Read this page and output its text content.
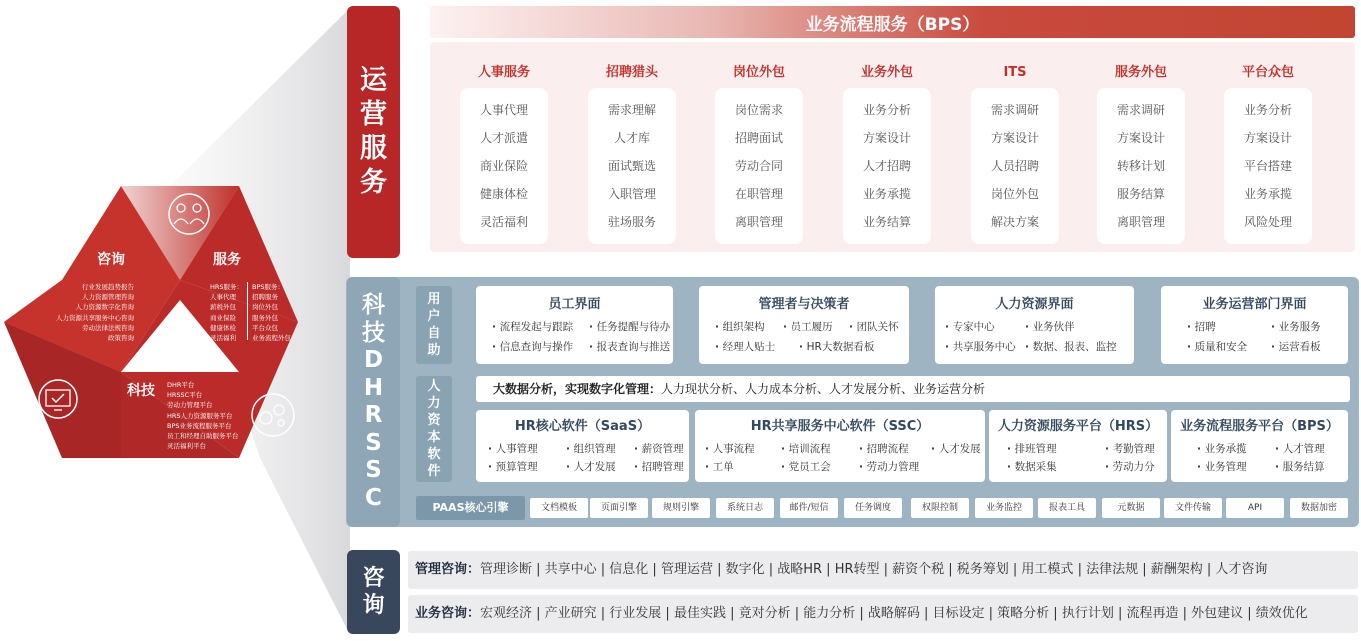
咨询
行业发展趋势报告
人力资源管理咨询
人力资源数字化咨询
人力资源共享服务中心咨询
劳动法律法规咨询
政策咨询
服务
HRS服务：
人事代理
薪税外包
商业保险
健康体检
灵活福利
BPS服务：
招聘服务
岗位外包
服务外包
平台众包
业务流程外包
科技	DHR平台
HRSSC平台
劳动力管理平台
HRS人力资源服务平台
BPS业务流程服务平台
员工和经理自助服务平台
灵活福利平台
运
营
服
务
业务流程服务（BPS）
人事服务
人事代理
人才派遣
商业保险
健康体检
灵活福利
招聘猎头
需求理解
人才库
面试甄选
入职管理
驻场服务
岗位外包
岗位需求
招聘面试
劳动合同
在职管理
离职管理
业务外包
业务分析
方案设计
人才招聘
业务承揽
业务结算
ITS
需求调研
方案设计
人员招聘
岗位外包
解决方案
服务外包
需求调研
方案设计
转移计划
服务结算
离职管理
平台众包
业务分析
方案设计
平台搭建
业务承揽
风险处理
科
技
D
H
R
S
S
C
用
户
自
助
人
力
资
本
软
件
员工界面
· 流程发起与跟踪	· 任务提醒与待办
· 信息查询与操作	· 报表查询与推送
管理者与决策者
· 组织架构	· 员工履历	· 团队关怀
· 经理人贴士	· HR大数据看板
人力资源界面
· 专家中心	· 业务伙伴
· 共享服务中心	· 数据、报表、监控
业务运营部门界面
· 招聘	· 业务服务
· 质量和安全	· 运营看板
大数据分析，实现数字化管理：人力现状分析、人力成本分析、人才发展分析、业务运营分析
HR核心软件（SaaS）
· 人事管理	· 组织管理	· 薪资管理
· 预算管理	· 人才发展	· 招聘管理
HR共享服务中心软件（SSC）
· 人事流程	· 培训流程	· 招聘流程	· 人才发展
· 工单	· 党员工会	· 劳动力管理
人力资源服务平台（HRS）
· 排班管理	· 考勤管理
· 数据采集	· 劳动力分
业务流程服务平台（BPS）
· 业务承揽	· 人才管理
· 业务管理	· 服务结算
PAAS核心引擎	文档模板	页面引擎	规则引擎	系统日志	邮件/短信	任务调度	权限控制	业务监控	报表工具	元数据	文件传输	API	数据加密
咨
询
管理咨询：管理诊断 | 共享中心 | 信息化 | 管理运营 | 数字化 | 战略HR | HR转型 | 薪资个税 | 税务筹划 | 用工模式 | 法律法规 | 薪酬架构 | 人才咨询
业务咨询：宏观经济 | 产业研究 | 行业发展 | 最佳实践 | 竟对分析 | 能力分析 | 战略解码 | 目标设定 | 策略分析 | 执行计划 | 流程再造 | 外包建议 | 绩效优化
